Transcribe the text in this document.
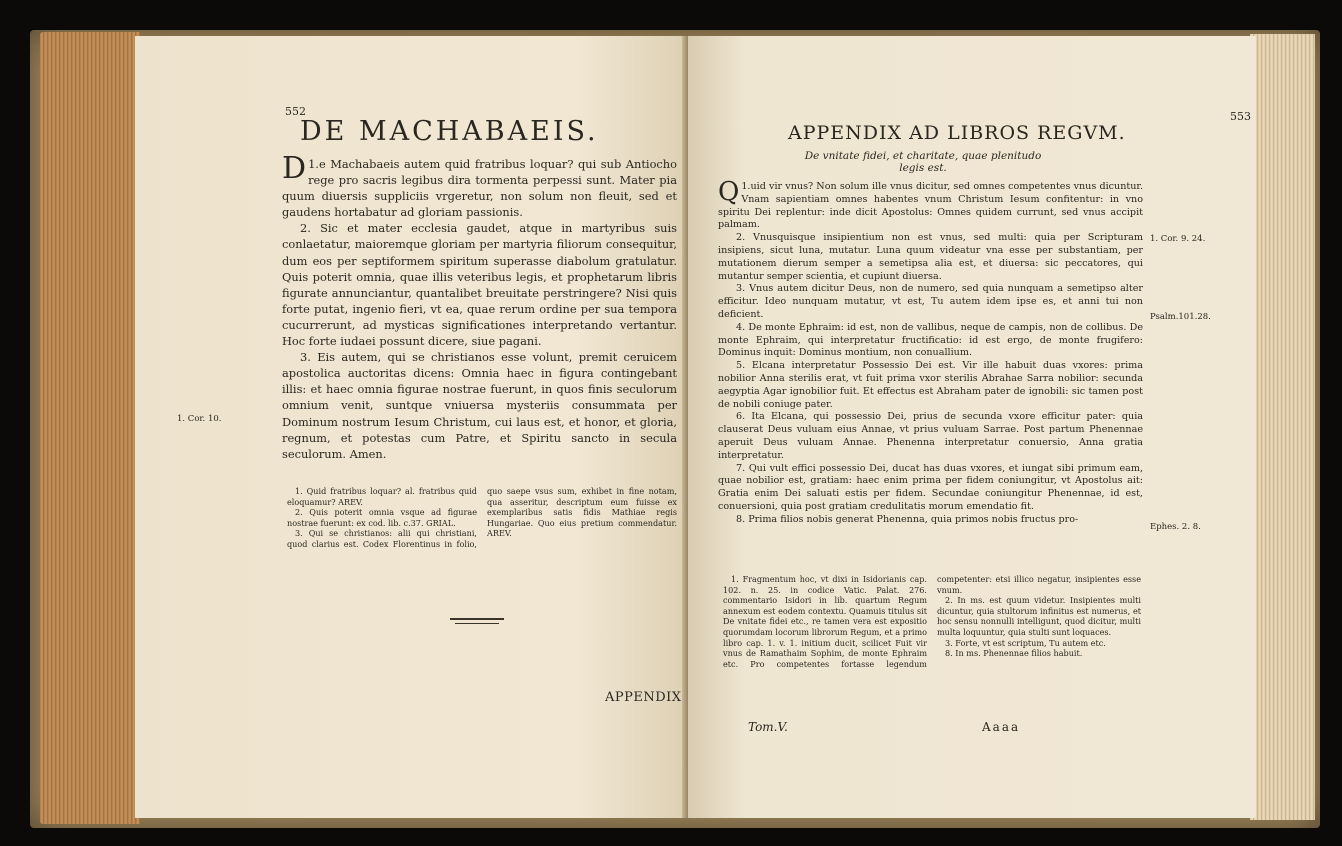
552
DE MACHABAEIS.

1.
D e Machabaeis autem quid fratribus loquar? qui sub Antiocho rege pro sacris legibus dira tormenta perpessi sunt. Mater pia quum diuersis suppliciis vrgeretur, non solum non fleuit, sed et gaudens hortabatur ad gloriam passionis.

2. Sic et mater ecclesia gaudet, atque in martyribus suis conlaetatur, maioremque gloriam per martyria filiorum consequitur, dum eos per septiformem spiritum superasse diabolum gratulatur. Quis poterit omnia, quae illis veteribus legis, et prophetarum libris figurate annunciantur, quantalibet breuitate perstringere? Nisi quis forte putat, ingenio fieri, vt ea, quae rerum ordine per sua tempora cucurrerunt, ad mysticas significationes interpretando vertantur. Hoc forte iudaei possunt dicere, siue pagani.

3. Eis autem, qui se christianos esse volunt, premit ceruicem apostolica auctoritas dicens: Omnia haec in figura contingebant illis: et haec omnia figurae nostrae fuerunt, in quos finis seculorum omnium venit, suntque vniuersa mysteriis consummata per Dominum nostrum Iesum Christum, cui laus est, et honor, et gloria, regnum, et potestas cum Patre, et Spiritu sancto in secula seculorum. Amen.

1. Cor. 10.

1. Quid fratribus loquar? al. fratribus quid eloquamur? AREV.

2. Quis poterit omnia vsque ad figurae nostrae fuerunt: ex cod. lib. c.37. GRIAL.

3. Qui se christianos: alii qui christiani, quod clarius est. Codex Florentinus in folio, quo saepe vsus sum, exhibet in fine notam, qua asseritur, descriptum eum fuisse ex exemplaribus satis fidis Mathiae regis Hungariae. Quo eius pretium commendatur. AREV.

APPENDIX
553
APPENDIX AD LIBROS REGVM.
De vnitate fidei, et charitate, quae plenitudo
legis est.

1.
Q uid vir vnus? Non solum ille vnus dicitur, sed omnes competentes vnus dicuntur. Vnam sapientiam omnes habentes vnum Christum Iesum confitentur: in vno spiritu Dei replentur: inde dicit Apostolus: Omnes quidem currunt, sed vnus accipit palmam.

2. Vnusquisque insipientium non est vnus, sed multi: quia per Scripturam insipiens, sicut luna, mutatur. Luna quum videatur vna esse per substantiam, per mutationem dierum semper a semetipsa alia est, et diuersa: sic peccatores, qui mutantur semper scientia, et cupiunt diuersa.

3. Vnus autem dicitur Deus, non de numero, sed quia nunquam a semetipso alter efficitur. Ideo nunquam mutatur, vt est, Tu autem idem ipse es, et anni tui non deficient.

4. De monte Ephraim: id est, non de vallibus, neque de campis, non de collibus. De monte Ephraim, qui interpretatur fructificatio: id est ergo, de monte frugifero: Dominus inquit: Dominus montium, non conuallium.

5. Elcana interpretatur Possessio Dei est. Vir ille habuit duas vxores: prima nobilior Anna sterilis erat, vt fuit prima vxor sterilis Abrahae Sarra nobilior: secunda aegyptia Agar ignobilior fuit. Et effectus est Abraham pater de ignobili: sic tamen post de nobili coniuge pater.

6. Ita Elcana, qui possessio Dei, prius de secunda vxore efficitur pater: quia clauserat Deus vuluam eius Annae, vt prius vuluam Sarrae. Post partum Phenennae aperuit Deus vuluam Annae. Phenenna interpretatur conuersio, Anna gratia interpretatur.

7. Qui vult effici possessio Dei, ducat has duas vxores, et iungat sibi primum eam, quae nobilior est, gratiam: haec enim prima per fidem coniungitur, vt Apostolus ait: Gratia enim Dei saluati estis per fidem. Secundae coniungitur Phenennae, id est, conuersioni, quia post gratiam credulitatis morum emendatio fit.

8. Prima filios nobis generat Phenenna, quia primos nobis fructus pro-

1. Cor. 9. 24.
Psalm.101.28.
Ephes. 2. 8.

1. Fragmentum hoc, vt dixi in Isidorianis cap. 102. n. 25. in codice Vatic. Palat. 276. commentario Isidori in lib. quartum Regum annexum est eodem contextu. Quamuis titulus sit De vnitate fidei etc., re tamen vera est expositio quorumdam locorum librorum Regum, et a primo libro cap. 1. v. 1. initium ducit, scilicet Fuit vir vnus de Ramathaim Sophim, de monte Ephraim etc. Pro competentes fortasse legendum competenter: etsi illico negatur, insipientes esse vnum.

2. In ms. est quum videtur. Insipientes multi dicuntur, quia stultorum infinitus est numerus, et hoc sensu nonnulli intelligunt, quod dicitur, multi multa loquuntur, quia stulti sunt loquaces.

3. Forte, vt est scriptum, Tu autem etc.

8. In ms. Phenennae filios habuit.

Tom.V.	Aaaa
